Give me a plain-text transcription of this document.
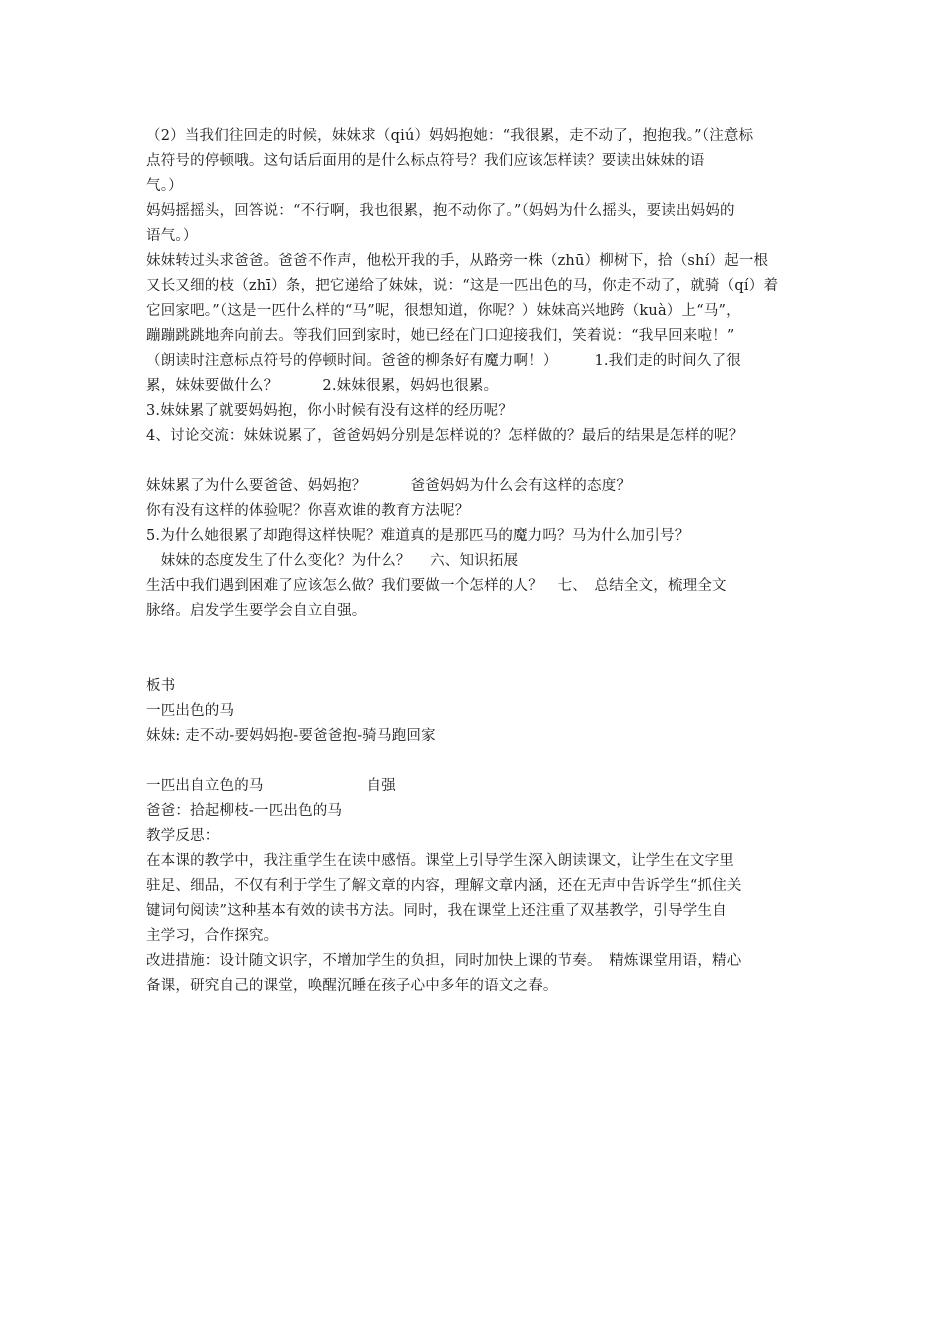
（2）当我们往回走的时候，妹妹求（qiú）妈妈抱她：“我很累，走不动了，抱抱我。”（注意标
点符号的停顿哦。这句话后面用的是什么标点符号？我们应该怎样读？要读出妹妹的语
气。）
妈妈摇摇头，回答说：“不行啊，我也很累，抱不动你了。”（妈妈为什么摇头，要读出妈妈的
语气。）
妹妹转过头求爸爸。爸爸不作声，他松开我的手，从路旁一株（zhū）柳树下，拾（shí）起一根
又长又细的枝（zhī）条，把它递给了妹妹，说：“这是一匹出色的马，你走不动了，就骑（qí）着
它回家吧。”（这是一匹什么样的“马”呢，很想知道，你呢？）妹妹高兴地跨（kuà）上“马”，
蹦蹦跳跳地奔向前去。等我们回到家时，她已经在门口迎接我们，笑着说：“我早回来啦！”
（朗读时注意标点符号的停顿时间。爸爸的柳条好有魔力啊！）　　　1.我们走的时间久了很
累，妹妹要做什么？　　　2.妹妹很累，妈妈也很累。
3.妹妹累了就要妈妈抱，你小时候有没有这样的经历呢？
4、讨论交流：妹妹说累了，爸爸妈妈分别是怎样说的？怎样做的？最后的结果是怎样的呢？
妹妹累了为什么要爸爸、妈妈抱？　　　爸爸妈妈为什么会有这样的态度？
你有没有这样的体验呢？你喜欢谁的教育方法呢？
5.为什么她很累了却跑得这样快呢？难道真的是那匹马的魔力吗？马为什么加引号？
　妹妹的态度发生了什么变化？为什么？　 六、知识拓展
生活中我们遇到困难了应该怎么做？我们要做一个怎样的人？　七、　总结全文，梳理全文
脉络。启发学生要学会自立自强。
板书
一匹出色的马
妹妹: 走不动-要妈妈抱-要爸爸抱-骑马跑回家
一匹出自立色的马　　　　　　　自强
爸爸：拾起柳枝-一匹出色的马
教学反思：
在本课的教学中，我注重学生在读中感悟。课堂上引导学生深入朗读课文，让学生在文字里
驻足、细品，不仅有利于学生了解文章的内容，理解文章内涵，还在无声中告诉学生“抓住关
键词句阅读”这种基本有效的读书方法。同时，我在课堂上还注重了双基教学，引导学生自
主学习，合作探究。
改进措施：设计随文识字，不增加学生的负担，同时加快上课的节奏。　精炼课堂用语，精心
备课，研究自己的课堂，唤醒沉睡在孩子心中多年的语文之春。
